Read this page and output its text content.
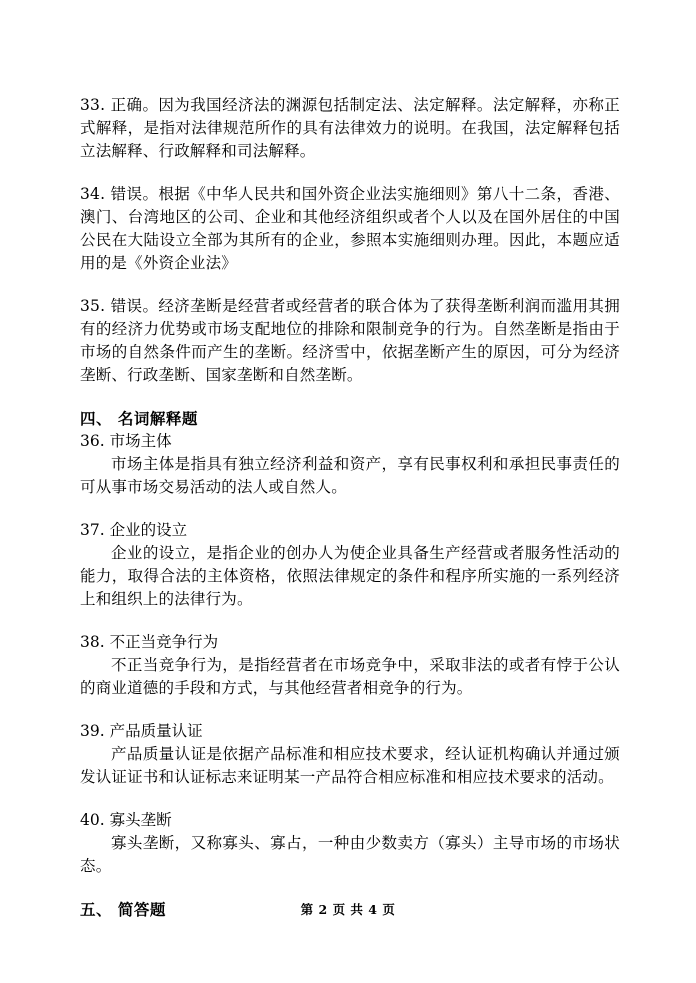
33. 正确。因为我国经济法的渊源包括制定法、法定解释。法定解释，亦称正式解释，是指对法律规范所作的具有法律效力的说明。在我国，法定解释包括立法解释、行政解释和司法解释。

34. 错误。根据《中华人民共和国外资企业法实施细则》第八十二条，香港、澳门、台湾地区的公司、企业和其他经济组织或者个人以及在国外居住的中国公民在大陆设立全部为其所有的企业，参照本实施细则办理。因此，本题应适用的是《外资企业法》

35. 错误。经济垄断是经营者或经营者的联合体为了获得垄断利润而滥用其拥有的经济力优势或市场支配地位的排除和限制竞争的行为。自然垄断是指由于市场的自然条件而产生的垄断。经济雪中，依据垄断产生的原因，可分为经济垄断、行政垄断、国家垄断和自然垄断。

四、 名词解释题

36. 市场主体

市场主体是指具有独立经济利益和资产，享有民事权利和承担民事责任的可从事市场交易活动的法人或自然人。

37. 企业的设立

企业的设立，是指企业的创办人为使企业具备生产经营或者服务性活动的能力，取得合法的主体资格，依照法律规定的条件和程序所实施的一系列经济上和组织上的法律行为。

38. 不正当竞争行为

不正当竞争行为，是指经营者在市场竞争中，采取非法的或者有悖于公认的商业道德的手段和方式，与其他经营者相竞争的行为。

39. 产品质量认证

产品质量认证是依据产品标准和相应技术要求，经认证机构确认并通过颁发认证证书和认证标志来证明某一产品符合相应标准和相应技术要求的活动。

40. 寡头垄断

寡头垄断，又称寡头、寡占，一种由少数卖方（寡头）主导市场的市场状态。

五、 简答题	第 2 页 共 4 页
